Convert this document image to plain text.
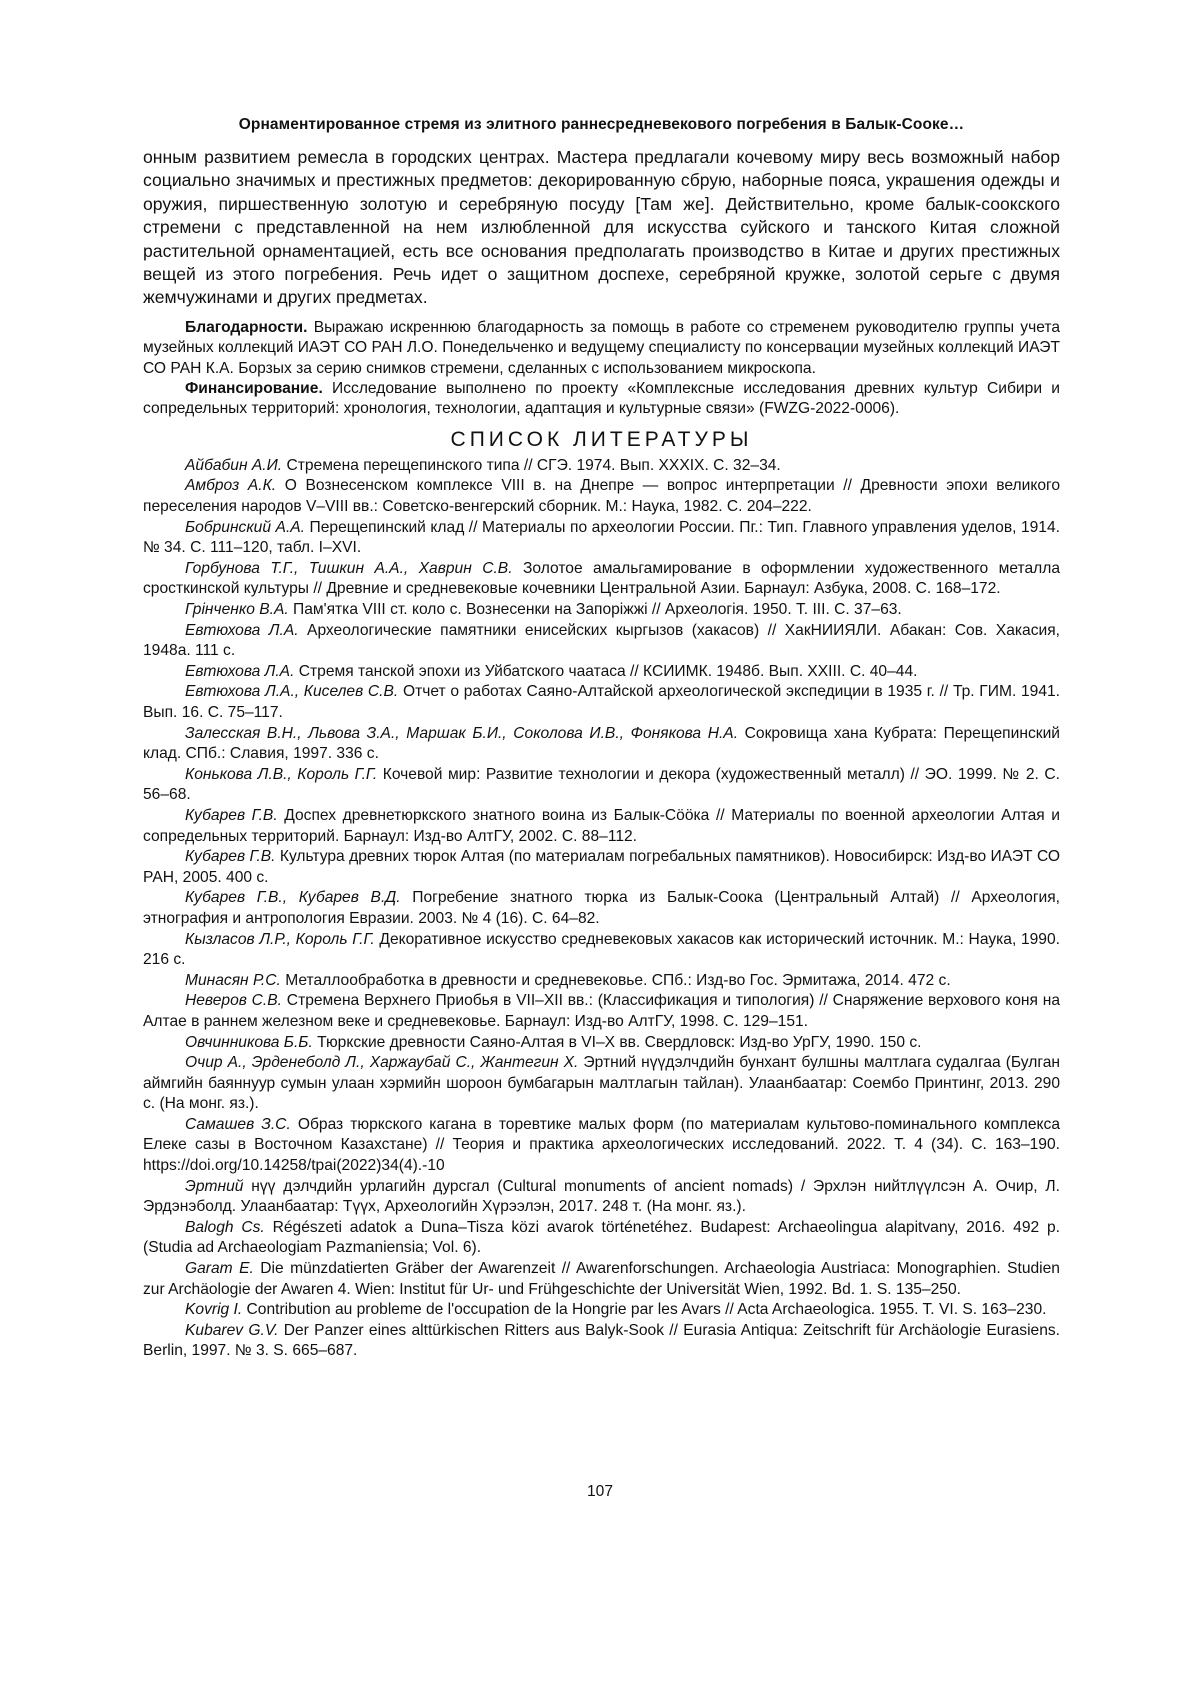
Орнаментированное стремя из элитного раннесредневекового погребения в Балык-Сооке…

онным развитием ремесла в городских центрах. Мастера предлагали кочевому миру весь возможный набор социально значимых и престижных предметов: декорированную сбрую, наборные пояса, украшения одежды и оружия, пиршественную золотую и серебряную посуду [Там же]. Действительно, кроме балык-соокского стремени с представленной на нем излюбленной для искусства суйского и танского Китая сложной растительной орнаментацией, есть все основания предполагать производство в Китае и других престижных вещей из этого погребения. Речь идет о защитном доспехе, серебряной кружке, золотой серьге с двумя жемчужинами и других предметах.

Благодарности. Выражаю искреннюю благодарность за помощь в работе со стременем руководителю группы учета музейных коллекций ИАЭТ СО РАН Л.О. Понедельченко и ведущему специалисту по консервации музейных коллекций ИАЭТ СО РАН К.А. Борзых за серию снимков стремени, сделанных с использованием микроскопа.

Финансирование. Исследование выполнено по проекту «Комплексные исследования древних культур Сибири и сопредельных территорий: хронология, технологии, адаптация и культурные связи» (FWZG-2022-0006).

СПИСОК ЛИТЕРАТУРЫ

Айбабин А.И. Стремена перещепинского типа // СГЭ. 1974. Вып. XXXIX. С. 32–34.

Амброз А.К. О Вознесенском комплексе VIII в. на Днепре — вопрос интерпретации // Древности эпохи великого переселения народов V–VIII вв.: Советско-венгерский сборник. М.: Наука, 1982. С. 204–222.

Бобринский А.А. Перещепинский клад // Материалы по археологии России. Пг.: Тип. Главного управления уделов, 1914. № 34. С. 111–120, табл. I–XVI.

Горбунова Т.Г., Тишкин А.А., Хаврин С.В. Золотое амальгамирование в оформлении художественного металла сросткинской культуры // Древние и средневековые кочевники Центральной Азии. Барнаул: Азбука, 2008. С. 168–172.

Грінченко В.А. Пам'ятка VIII ст. коло с. Вознесенки на Запоріжжі // Археологія. 1950. Т. III. С. 37–63.

Евтюхова Л.А. Археологические памятники енисейских кыргызов (хакасов) // ХакНИИЯЛИ. Абакан: Сов. Хакасия, 1948а. 111 с.

Евтюхова Л.А. Стремя танской эпохи из Уйбатского чаатаса // КСИИМК. 1948б. Вып. XXIII. С. 40–44.

Евтюхова Л.А., Киселев С.В. Отчет о работах Саяно-Алтайской археологической экспедиции в 1935 г. // Тр. ГИМ. 1941. Вып. 16. С. 75–117.

Залесская В.Н., Львова З.А., Маршак Б.И., Соколова И.В., Фонякова Н.А. Сокровища хана Кубрата: Перещепинский клад. СПб.: Славия, 1997. 336 с.

Конькова Л.В., Король Г.Г. Кочевой мир: Развитие технологии и декора (художественный металл) // ЭО. 1999. № 2. С. 56–68.

Кубарев Г.В. Доспех древнетюркского знатного воина из Балык-Сööка // Материалы по военной археологии Алтая и сопредельных территорий. Барнаул: Изд-во АлтГУ, 2002. С. 88–112.

Кубарев Г.В. Культура древних тюрок Алтая (по материалам погребальных памятников). Новосибирск: Изд-во ИАЭТ СО РАН, 2005. 400 с.

Кубарев Г.В., Кубарев В.Д. Погребение знатного тюрка из Балык-Соока (Центральный Алтай) // Археология, этнография и антропология Евразии. 2003. № 4 (16). С. 64–82.

Кызласов Л.Р., Король Г.Г. Декоративное искусство средневековых хакасов как исторический источник. М.: Наука, 1990. 216 с.

Минасян Р.С. Металлообработка в древности и средневековье. СПб.: Изд-во Гос. Эрмитажа, 2014. 472 с.

Неверов С.В. Стремена Верхнего Приобья в VII–XII вв.: (Классификация и типология) // Снаряжение верхового коня на Алтае в раннем железном веке и средневековье. Барнаул: Изд-во АлтГУ, 1998. С. 129–151.

Овчинникова Б.Б. Тюркские древности Саяно-Алтая в VI–X вв. Свердловск: Изд-во УрГУ, 1990. 150 с.

Очир А., Эрденеболд Л., Харжаубай С., Жантегин Х. Эртний нүүдэлчдийн бунхант булшны малтлага судалгаа (Булган аймгийн баяннуур сумын улаан хэрмийн шороон бумбагарын малтлагын тайлан). Улаанбаатар: Соембо Принтинг, 2013. 290 с. (На монг. яз.).

Самашев З.С. Образ тюркского кагана в торевтике малых форм (по материалам культово-поминального комплекса Елеке сазы в Восточном Казахстане) // Теория и практика археологических исследований. 2022. Т. 4 (34). С. 163–190. https://doi.org/10.14258/tpai(2022)34(4).-10

Эртний нүү дэлчдийн урлагийн дурсгал (Cultural monuments of ancient nomads) / Эрхлэн нийтлүүлсэн А. Очир, Л. Эрдэнэболд. Улаанбаатар: Түүх, Археологийн Хүрээлэн, 2017. 248 т. (На монг. яз.).

Balogh Cs. Régészeti adatok a Duna–Tisza közi avarok történetéhez. Budapest: Archaeolingua alapitvany, 2016. 492 p. (Studia ad Archaeologiam Pazmaniensia; Vol. 6).

Garam E. Die münzdatierten Gräber der Awarenzeit // Awarenforschungen. Archaeologia Austriaca: Monographien. Studien zur Archäologie der Awaren 4. Wien: Institut für Ur- und Frühgeschichte der Universität Wien, 1992. Bd. 1. S. 135–250.

Kovrig I. Contribution au probleme de l'occupation de la Hongrie par les Avars // Acta Archaeologica. 1955. T. VI. S. 163–230.

Kubarev G.V. Der Panzer eines alttürkischen Ritters aus Balyk-Sook // Eurasia Antiqua: Zeitschrift für Archäologie Eurasiens. Berlin, 1997. № 3. S. 665–687.

107
